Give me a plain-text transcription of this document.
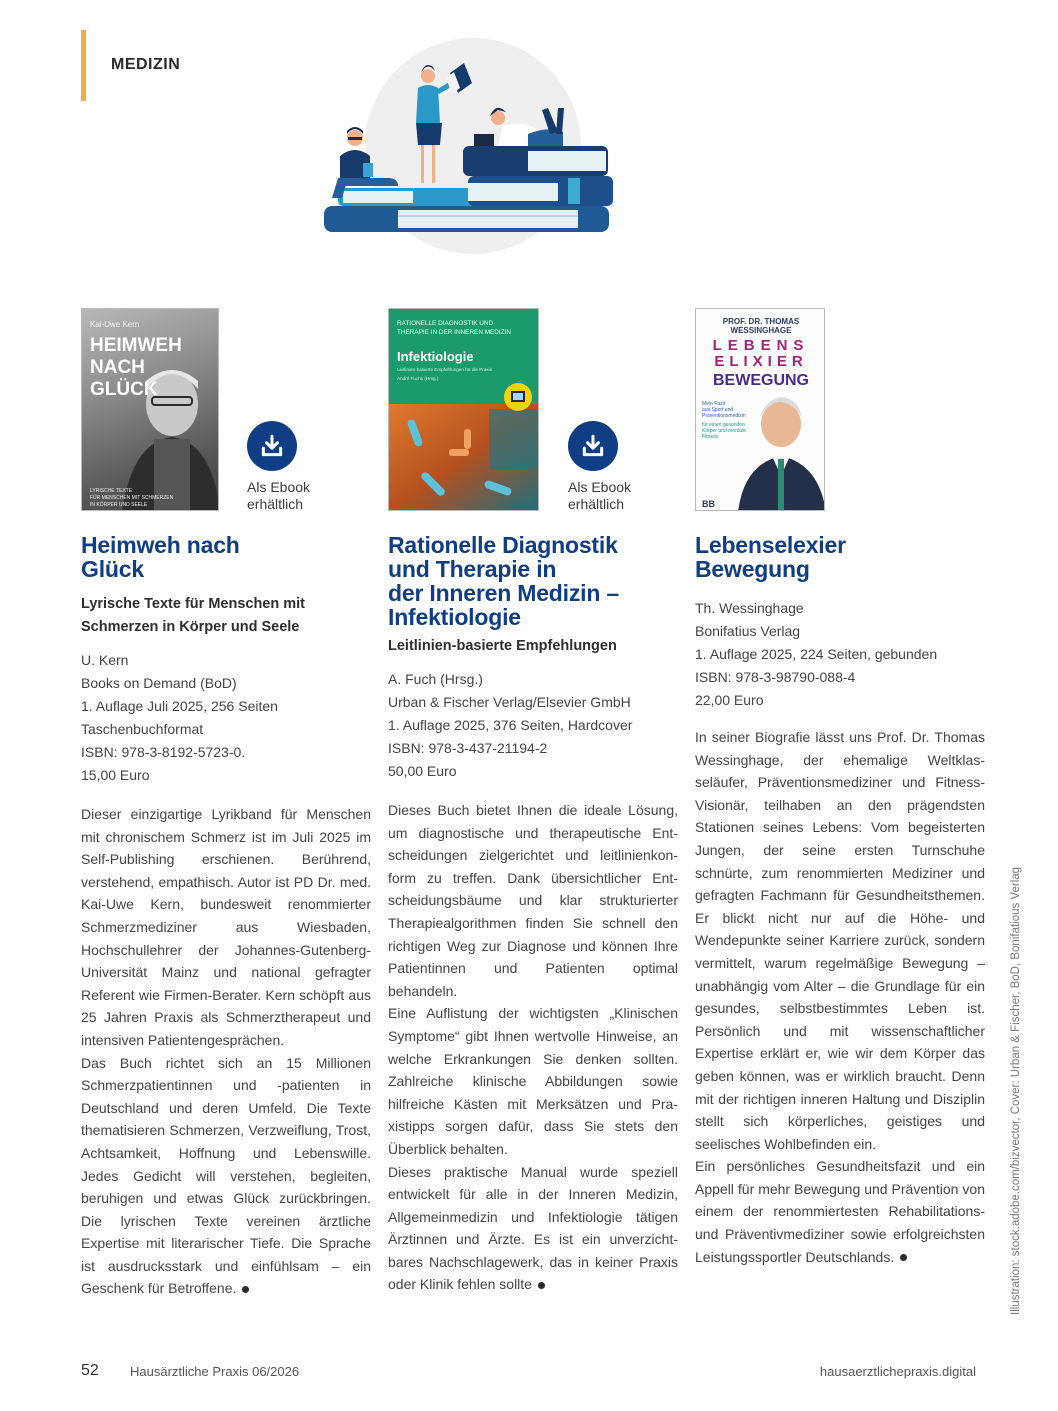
MEDIZIN
Kai-Uwe Kern
HEIMWEH
NACH
GLÜCK
LYRISCHE TEXTE
FÜR MENSCHEN MIT SCHMERZEN
IN KÖRPER UND SEELE
Als Ebook
erhältlich
Heimweh nach
Glück
Lyrische Texte für Menschen mit
Schmerzen in Körper und Seele
U. Kern
Books on Demand (BoD)
1. Auflage Juli 2025, 256 Seiten
Taschenbuchformat
ISBN: 978-3-8192-5723-0.
15,00 Euro

Dieser einzigartige Lyrikband für Menschen mit chronischem Schmerz ist im Juli 2025 im Self-Publishing erschienen. Berührend, verstehend, empathisch. Autor ist PD Dr. med. Kai-Uwe Kern, bundesweit renommierter Schmerzmediziner aus Wiesbaden, Hochschullehrer der Johannes-Gutenberg-Universität Mainz und national gefragter Referent wie Firmen-Berater. Kern schöpft aus 25 Jahren Praxis als Schmerztherapeut und intensiven Patientengesprächen.

Das Buch richtet sich an 15 Millionen Schmerzpatientinnen und -patienten in Deutschland und deren Umfeld. Die Texte thematisieren Schmerzen, Verzweiflung, Trost, Achtsamkeit, Hoffnung und Lebenswille. Jedes Gedicht will verstehen, begleiten, beruhigen und etwas Glück zurückbringen. Die lyrischen Texte vereinen ärztliche Expertise mit literarischer Tiefe. Die Sprache ist ausdrucksstark und einfühlsam – ein Geschenk für Betroffene.

RATIONELLE DIAGNOSTIK UND
THERAPIE IN DER INNEREN MEDIZIN
Infektiologie
Leitlinien-basierte Empfehlungen für die Praxis
André Fuchs (Hrsg.)
Als Ebook
erhältlich
Rationelle Diagnostik
und Therapie in
der Inneren Medizin –
Infektiologie
Leitlinien-basierte Empfehlungen
A. Fuch (Hrsg.)
Urban & Fischer Verlag/Elsevier GmbH
1. Auflage 2025, 376 Seiten, Hardcover
ISBN: 978-3-437-21194-2
50,00 Euro

Dieses Buch bietet Ihnen die ideale Lösung, um diagnostische und therapeutische Entscheidungen zielgerichtet und leitlinienkonform zu treffen. Dank übersichtlicher Entscheidungsbäume und klar strukturierter Therapiealgorithmen finden Sie schnell den richtigen Weg zur Diagnose und können Ihre Patientinnen und Patienten optimal behandeln.

Eine Auflistung der wichtigsten „Klinischen Symptome“ gibt Ihnen wertvolle Hinweise, an welche Erkrankungen Sie denken sollten. Zahlreiche klinische Abbildungen sowie hilfreiche Kästen mit Merksätzen und Praxistipps sorgen dafür, dass Sie stets den Überblick behalten.

Dieses praktische Manual wurde speziell entwickelt für alle in der Inneren Medizin, Allgemeinmedizin und Infektiologie tätigen Ärztinnen und Ärzte. Es ist ein unverzichtbares Nachschlagewerk, das in keiner Praxis oder Klinik fehlen sollte

PROF. DR. THOMAS
WESSINGHAGE
LEBENS
ELIXIER
BEWEGUNG
Mein Fazit
aus Sport und
Präventionsmedizin
für einen gesunden
Körper und mentale
Fitness
BB
Lebenselexier
Bewegung
Th. Wessinghage
Bonifatius Verlag
1. Auflage 2025, 224 Seiten, gebunden
ISBN: 978-3-98790-088-4
22,00 Euro

In seiner Biografie lässt uns Prof. Dr. Thomas Wessinghage, der ehemalige Weltklasseläufer, Präventionsmediziner und Fitness-Visionär, teilhaben an den prägendsten Stationen seines Lebens: Vom begeisterten Jungen, der seine ersten Turnschuhe schnürte, zum renommierten Mediziner und gefragten Fachmann für Gesundheitsthemen. Er blickt nicht nur auf die Höhe- und Wendepunkte seiner Karriere zurück, sondern vermittelt, warum regelmäßige Bewegung – unabhängig vom Alter – die Grundlage für ein gesundes, selbstbestimmtes Leben ist. Persönlich und mit wissenschaftlicher Expertise erklärt er, wie wir dem Körper das geben können, was er wirklich braucht. Denn mit der richtigen inneren Haltung und Disziplin stellt sich körperliches, geistiges und seelisches Wohlbefinden ein.

Ein persönliches Gesundheitsfazit und ein Appell für mehr Bewegung und Prävention von einem der renommiertesten Rehabilitations- und Präventivmediziner sowie erfolgreichsten Leistungssportler Deutschlands.	Illustration: stock.adobe.com/bizvector, Cover: Urban & Fischer, BoD, Bonifatious Verlag
52 Hausärztliche Praxis 06/2026	hausaerztlichepraxis.digital
